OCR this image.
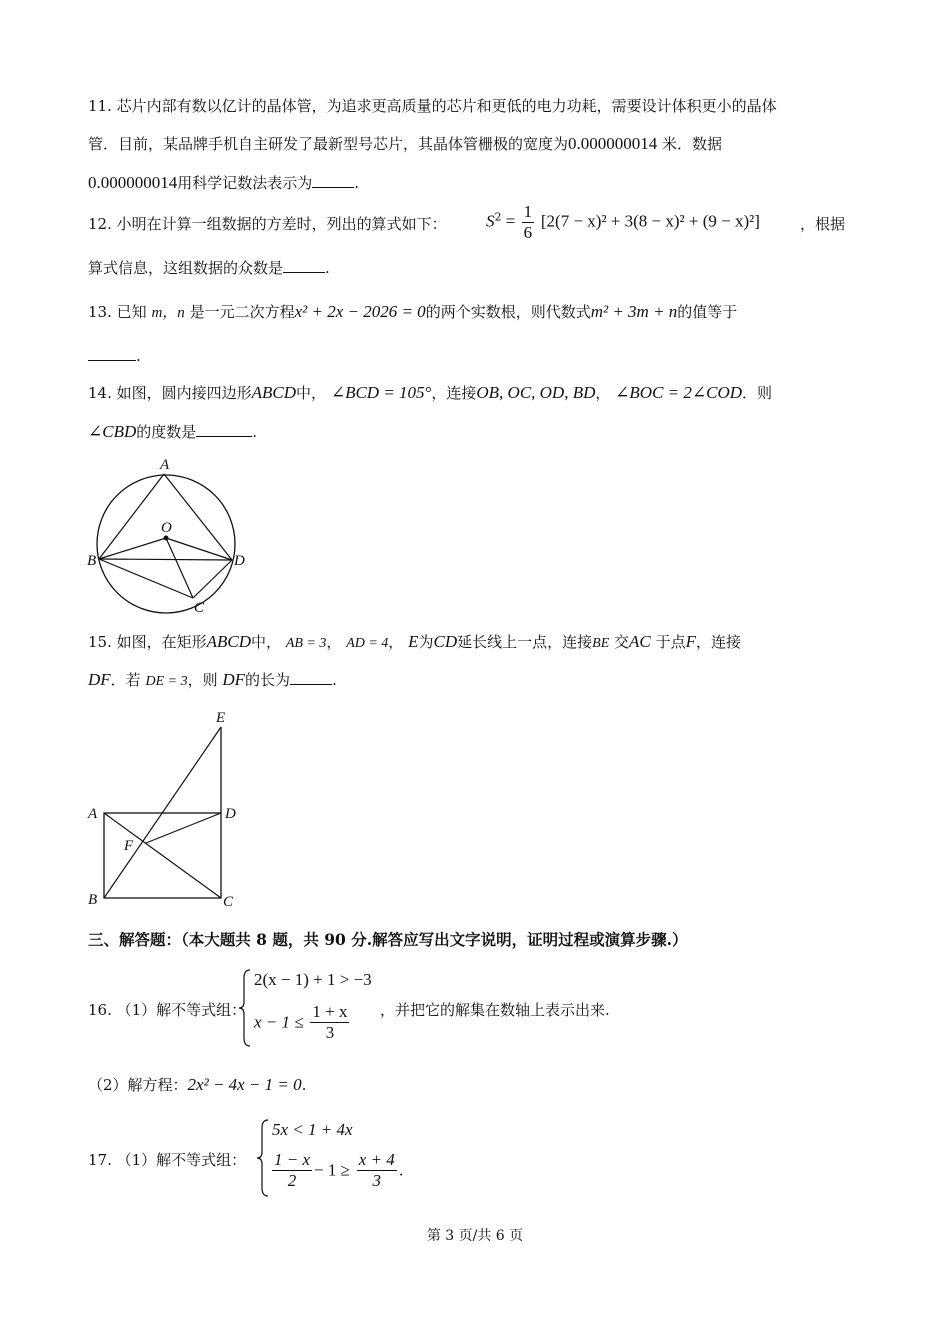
11. 芯片内部有数以亿计的晶体管，为追求更高质量的芯片和更低的电力功耗，需要设计体积更小的晶体
管．目前，某品牌手机自主研发了最新型号芯片，其晶体管栅极的宽度为0.000000014 米．数据
0.000000014用科学记数法表示为	.
12. 小明在计算一组数据的方差时，列出的算式如下： $S^2 = \frac{1}{6} [2(7 - x)^2 + 3(8 - x)^2 + (9 - x)^2]$	，根据
算式信息，这组数据的众数是	.
13. 已知 m，n 是一元二次方程x² + 2x − 2026 = 0的两个实数根，则代数式m² + 3m + n的值等于
.
14. 如图，圆内接四边形ABCD中， ∠BCD = 105°，连接OB, OC, OD, BD， ∠BOC = 2∠COD．则
∠CBD的度数是	.
A
O
B	D
C
15. 如图，在矩形ABCD中， AB = 3， AD = 4， E为CD延长线上一点，连接BE 交AC 于点F，连接
DF．若 DE = 3，则 DF的长为	.
E
A	D
F
B	C
三、解答题：（本大题共 8 题，共 90 分.解答应写出文字说明，证明过程或演算步骤.）
16. （1）解不等式组：
2(x − 1) + 1 > −3
$x - 1 \le \frac{1 + x}{3}$ ，并把它的解集在数轴上表示出来.
（2）解方程：2x² − 4x − 1 = 0.
17. （1）解不等式组：
5x < 1 + 4x
$\frac{1 - x}{2} - 1 \ge \frac{x + 4}{3}$ .
第 3 页/共 6 页
